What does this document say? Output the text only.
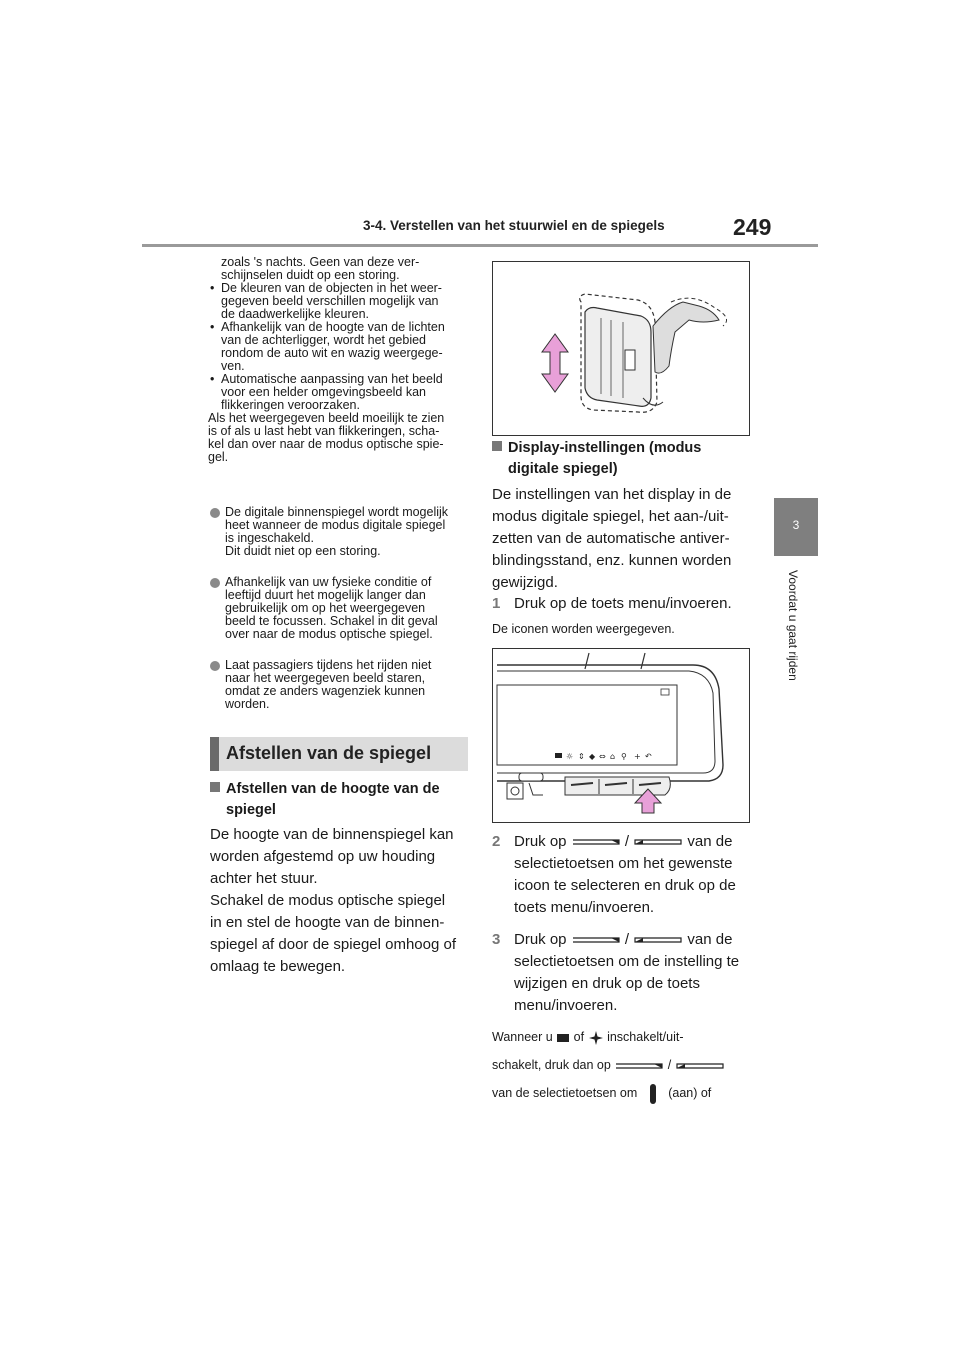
3-4. Verstellen van het stuurwiel en de spiegels	249
3
Voordat u gaat rijden
zoals 's nachts. Geen van deze ver-
schijnselen duidt op een storing.
• De kleuren van de objecten in het weer-
gegeven beeld verschillen mogelijk van
de daadwerkelijke kleuren.
• Afhankelijk van de hoogte van de lichten
van de achterligger, wordt het gebied
rondom de auto wit en wazig weergege-
ven.
• Automatische aanpassing van het beeld
voor een helder omgevingsbeeld kan
flikkeringen veroorzaken.
Als het weergegeven beeld moeilijk te zien
is of als u last hebt van flikkeringen, scha-
kel dan over naar de modus optische spie-
gel.
De digitale binnenspiegel wordt mogelijk
heet wanneer de modus digitale spiegel
is ingeschakeld.
Dit duidt niet op een storing.
Afhankelijk van uw fysieke conditie of
leeftijd duurt het mogelijk langer dan
gebruikelijk om op het weergegeven
beeld te focussen. Schakel in dit geval
over naar de modus optische spiegel.
Laat passagiers tijdens het rijden niet
naar het weergegeven beeld staren,
omdat ze anders wagenziek kunnen
worden.
Afstellen van de spiegel
Afstellen van de hoogte van de
spiegel
De hoogte van de binnenspiegel kan
worden afgestemd op uw houding
achter het stuur.
Schakel de modus optische spiegel
in en stel de hoogte van de binnen-
spiegel af door de spiegel omhoog of
omlaag te bewegen.
Display-instellingen (modus
digitale spiegel)
De instellingen van het display in de
modus digitale spiegel, het aan-/uit-
zetten van de automatische antiver-
blindingsstand, enz. kunnen worden
gewijzigd.
1 Druk op de toets menu/invoeren.
De iconen worden weergegeven.
☼ ⇕ ◆ ⇔ ⌂ ⚲ + ↶
2 Druk op	/	van de
selectietoetsen om het gewenste
icoon te selecteren en druk op de
toets menu/invoeren.
3 Druk op	/	van de
selectietoetsen om de instelling te
wijzigen en druk op de toets
menu/invoeren.
Wanneer u of inschakelt/uit-
schakelt, druk dan op	/
van de selectietoetsen om (aan) of
